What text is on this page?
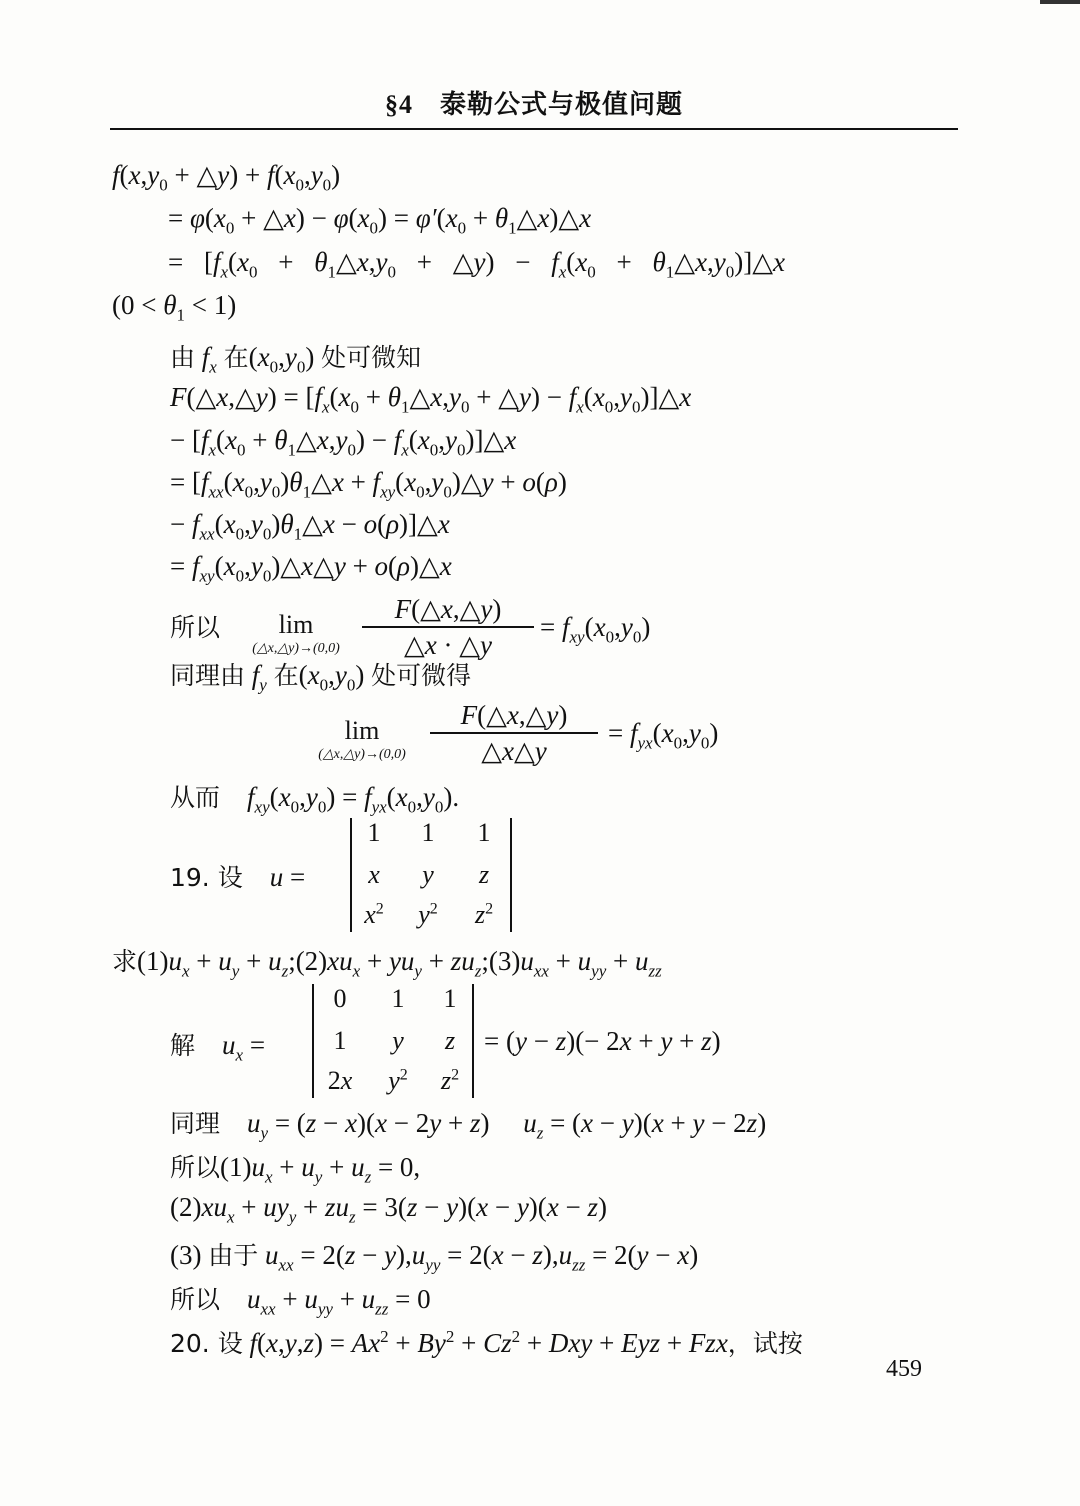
§4　泰勒公式与极值问题
$f(x,y_0$ + △y) + $f(x_0,y_0)$
= $\varphi(x_0$ + △x) − $\varphi(x_0) = \varphi'(x_0$ + $\theta_1\triangle x)\triangle x$
= [$f_x(x_0$ + $\theta_1\triangle x,y_0$ + △y) − $f_x(x_0$ + $\theta_1\triangle x,y_0)]\triangle x$
$(0 < \theta_1 < 1)$
由 $f_x$ 在$(x_0,y_0)$ 处可微知
F(△x,△y) = [$f_x(x_0$ + $\theta_1\triangle x,y_0$ + △y) − $f_x(x_0,y_0)]\triangle x$
− [$f_x(x_0$ + $\theta_1\triangle x,y_0$) − $f_x(x_0,y_0)]\triangle x$
= [$f_{xx}(x_0,y_0)\theta_1\triangle x$ + $f_{xy}(x_0,y_0)\triangle y + o(\rho)$
− $f_{xx}(x_0,y_0)\theta_1\triangle x$ − o(ρ)]△x
= $f_{xy}(x_0,y_0)\triangle x\triangle y$ + o(ρ)△x
所以	lim
(△x,△y)→(0,0) $\frac{F(\triangle x,\triangle y)}{\triangle x \cdot \triangle y} = f_{xy}(x_0,y_0)$
同理由 $f_y$ 在$(x_0,y_0)$ 处可微得
lim
(△x,△y)→(0,0) $\frac{F(\triangle x,\triangle y)}{\triangle x\triangle y} = f_{yx}(x_0,y_0)$
从而 $f_{xy}(x_0,y_0) = f_{yx}(x_0,y_0)$.
19. 设 u =
1	1	1
x	y	z
$x^2$	$y^2$	$z^2$
求$(1)u_x + u_y$ + $u_z;(2)xu_x + yu_y$ + $zu_z;(3)u_{xx} + u_{yy} + u_{zz}$
解 $u_x$ =
0	1	1
1	y	z
2x	$y^2$	$z^2$
= (y − z)(− 2x + y + z)
同理 $u_y = (z - x)(x - 2y + z)$     $u_z = (x - y)(x + y - 2z)$
所以$(1)u_x + u_y + u_z = 0$,
$(2)xu_x + uy_y + zu_z = 3(z - y)(x - y)(x - z)$
(3) 由于 $u_{xx} = 2(z - y),u_{yy} = 2(x - z),u_{zz} = 2(y - x)$
所以 $u_{xx} + u_{yy} + u_{zz} = 0$
20. 设 $f(x,y,z) = Ax^2 + By^2 + Cz^2$ + Dxy + Eyz + Fzx，试按
459
